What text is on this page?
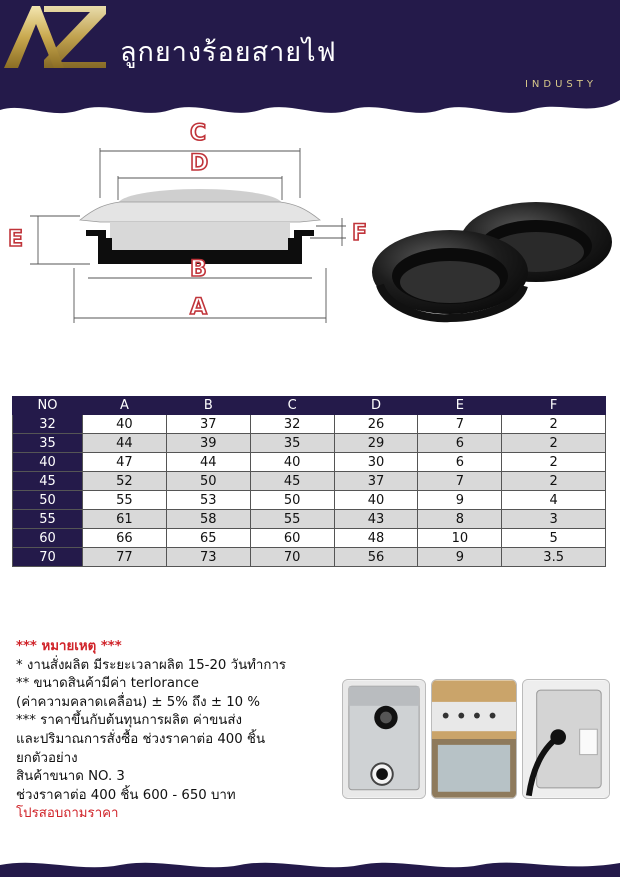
ลูกยางร้อยสายไฟ
INDUSTY
C
D
B
A
E	F
NO	A	B	C	D	E	F
32	40	37	32	26	7	2
35	44	39	35	29	6	2
40	47	44	40	30	6	2
45	52	50	45	37	7	2
50	55	53	50	40	9	4
55	61	58	55	43	8	3
60	66	65	60	48	10	5
70	77	73	70	56	9	3.5
*** หมายเหตุ ***
* งานสั่งผลิต มีระยะเวลาผลิต 15-20 วันทำการ
** ขนาดสินค้ามีค่า terlorance
(ค่าความคลาดเคลื่อน) ± 5% ถึง ± 10 %
*** ราคาขึ้นกับต้นทุนการผลิต ค่าขนส่ง
และปริมาณการสั่งซื้อ ช่วงราคาต่อ 400 ชิ้น
ยกตัวอย่าง
สินค้าขนาด NO. 3
ช่วงราคาต่อ 400 ชิ้น 600 - 650 บาท
โปรสอบถามราคา
